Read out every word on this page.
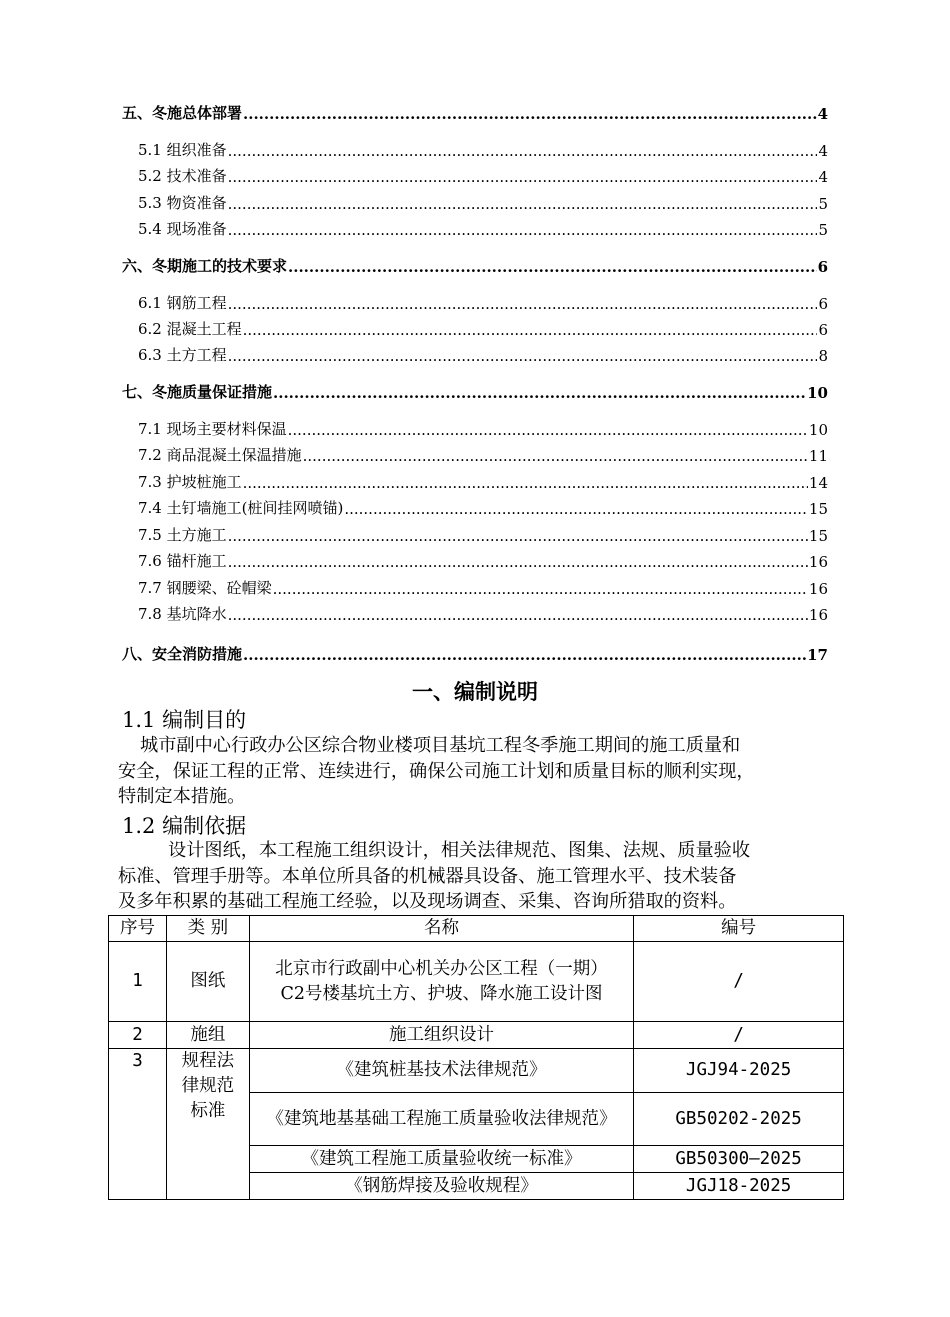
五、冬施总体部署 .....	4
5.1 组织准备 .....	4
5.2 技术准备 .....	4
5.3 物资准备 .....	5
5.4 现场准备 .....	5
六、冬期施工的技术要求 .....	6
6.1 钢筋工程 .....	6
6.2 混凝土工程 .....	6
6.3 土方工程 .....	8
七、冬施质量保证措施 .....	10
7.1 现场主要材料保温 .....	10
7.2 商品混凝土保温措施 .....	11
7.3 护坡桩施工 .....	14
7.4 土钉墙施工(桩间挂网喷锚) .....	15
7.5 土方施工 .....	15
7.6 锚杆施工 .....	16
7.7 钢腰梁、砼帽梁 .....	16
7.8 基坑降水 .....	16
八、安全消防措施 .....	17
一、编制说明
1.1 编制目的
城市副中心行政办公区综合物业楼项目基坑工程冬季施工期间的施工质量和
安全，保证工程的正常、连续进行，确保公司施工计划和质量目标的顺利实现，
特制定本措施。
1.2 编制依据
设计图纸，本工程施工组织设计，相关法律规范、图集、法规、质量验收
标准、管理手册等。本单位所具备的机械器具设备、施工管理水平、技术装备
及多年积累的基础工程施工经验，以及现场调查、采集、咨询所猎取的资料。
序号	类 别	名称	编号
1	图纸	北京市行政副中心机关办公区工程（一期）C2号楼基坑土方、护坡、降水施工设计图	/
2	施组	施工组织设计	/
3	规程法律规范标准	《建筑桩基技术法律规范》	JGJ94-2025
		《建筑地基基础工程施工质量验收法律规范》	GB50202-2025
		《建筑工程施工质量验收统一标准》	GB50300—2025
		《钢筋焊接及验收规程》	JGJ18-2025
